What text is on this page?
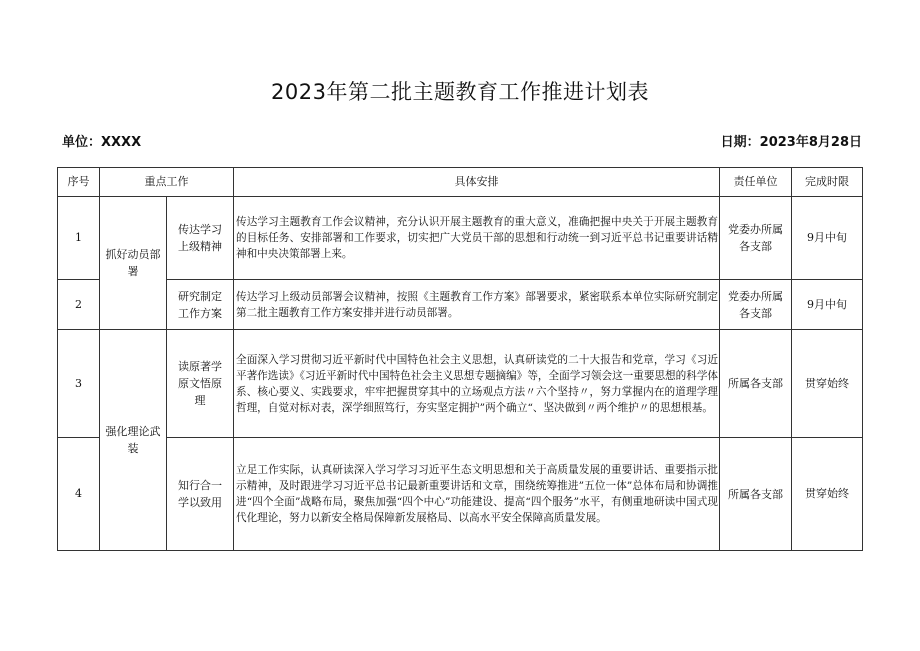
2023年第二批主题教育工作推进计划表
单位：XXXX	日期：2023年8月28日
序号	重点工作		具体安排	责任单位	完成时限
1	抓好动员部署	传达学习上级精神	传达学习主题教育工作会议精神，充分认识开展主题教育的重大意义，准确把握中央关于开展主题教育的目标任务、安排部署和工作要求，切实把广大党员干部的思想和行动统一到习近平总书记重要讲话精神和中央决策部署上来。	党委办所属各支部	9月中旬
2		研究制定工作方案	传达学习上级动员部署会议精神，按照《主题教育工作方案》部署要求，紧密联系本单位实际研究制定第二批主题教育工作方案安排并进行动员部署。	党委办所属各支部	9月中旬
3	强化理论武装	读原著学原文悟原理	全面深入学习贯彻习近平新时代中国特色社会主义思想，认真研读党的二十大报告和党章，学习《习近平著作选读》《习近平新时代中国特色社会主义思想专题摘编》等，全面学习领会这一重要思想的科学体系、核心要义、实践要求，牢牢把握贯穿其中的立场观点方法〃六个坚持〃，努力掌握内在的道理学理哲理，自觉对标对表，深学细照笃行，夯实坚定拥护”两个确立“、坚决做到〃两个维护〃的思想根基。	所属各支部	贯穿始终
4		知行合一学以致用	立足工作实际，认真研读深入学习学习习近平生态文明思想和关于高质量发展的重要讲话、重要指示批示精神，及时跟进学习习近平总书记最新重要讲话和文章，围绕统筹推进”五位一体”总体布局和协调推进“四个全面”战略布局，聚焦加强“四个中心”功能建设、提高“四个服务”水平，有侧重地研读中国式现代化理论，努力以新安全格局保障新发展格局、以高水平安全保障高质量发展。	所属各支部	贯穿始终
